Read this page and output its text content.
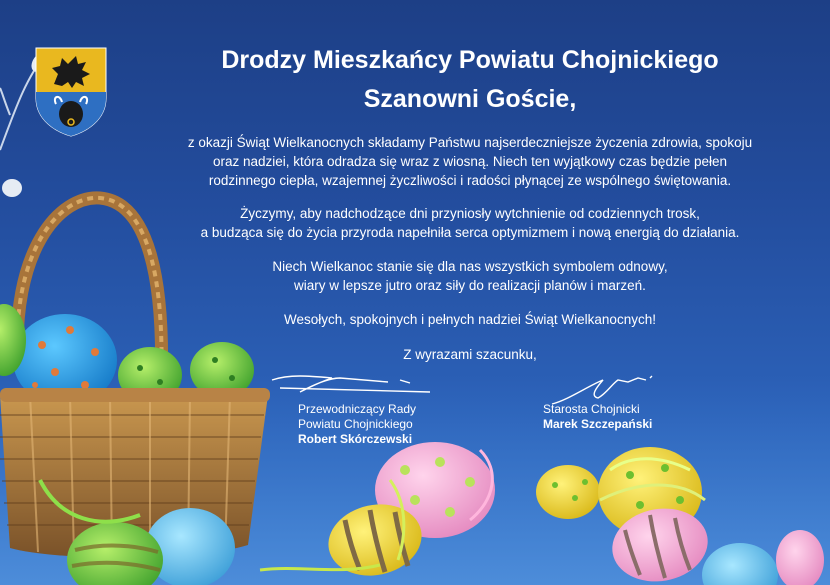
Drodzy Mieszkańcy Powiatu Chojnickiego
Szanowni Goście,
z okazji Świąt Wielkanocnych składamy Państwu najserdeczniejsze życzenia zdrowia, spokoju
oraz nadziei, która odradza się wraz z wiosną. Niech ten wyjątkowy czas będzie pełen
rodzinnego ciepła, wzajemnej życzliwości i radości płynącej ze wspólnego świętowania.
Życzymy, aby nadchodzące dni przyniosły wytchnienie od codziennych trosk,
a budząca się do życia przyroda napełniła serca optymizmem i nową energią do działania.
Niech Wielkanoc stanie się dla nas wszystkich symbolem odnowy,
wiary w lepsze jutro oraz siły do realizacji planów i marzeń.
Wesołych, spokojnych i pełnych nadziei Świąt Wielkanocnych!
Z wyrazami szacunku,
Przewodniczący Rady
Powiatu Chojnickiego
Robert Skórczewski
Starosta Chojnicki
Marek Szczepański
